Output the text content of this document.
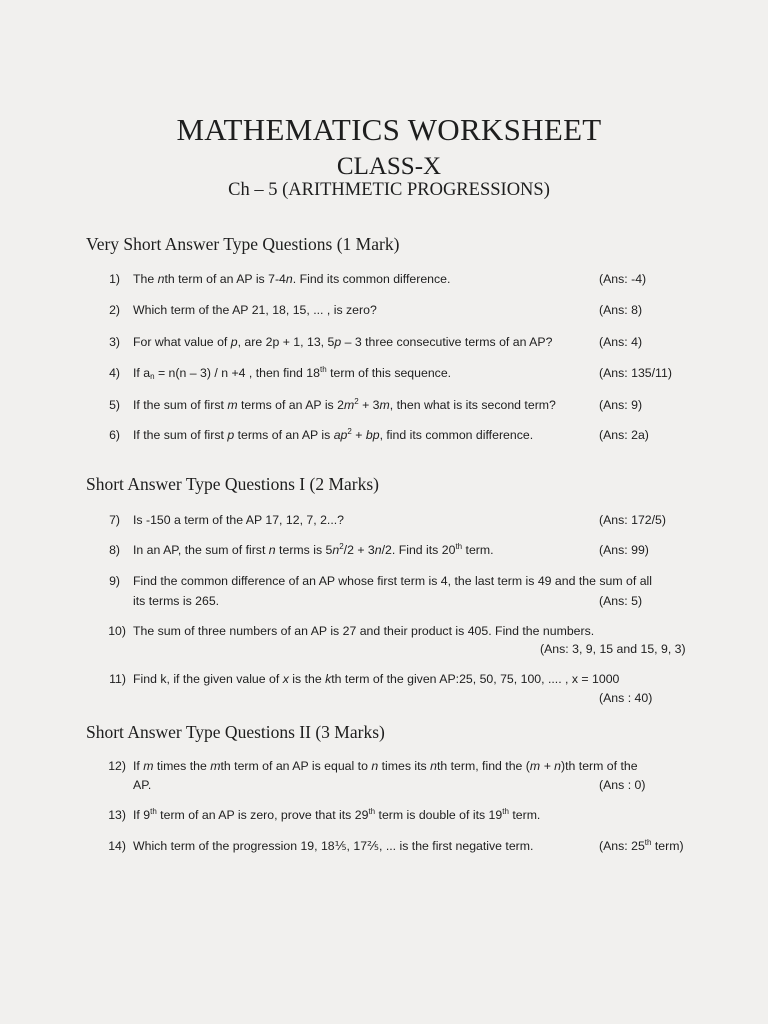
MATHEMATICS WORKSHEET
CLASS-X
Ch – 5 (ARITHMETIC PROGRESSIONS)
Very Short Answer Type Questions (1 Mark)
1) The nth term of an AP is 7-4n. Find its common difference.	(Ans: -4)
2) Which term of the AP 21, 18, 15, ... , is zero?	(Ans: 8)
3) For what value of p, are 2p + 1, 13, 5p – 3 three consecutive terms of an AP?	(Ans: 4)
4) If $a_n = n(n - 3) / n +4$ , then find 18th term of this sequence.	(Ans: 135/11)
5) If the sum of first m terms of an AP is $2m^2 + 3m$, then what is its second term?	(Ans: 9)
6) If the sum of first p terms of an AP is $ap^2$ + bp, find its common difference.	(Ans: 2a)
Short Answer Type Questions I (2 Marks)
7) Is -150 a term of the AP 17, 12, 7, 2...?	(Ans: 172/5)
8) In an AP, the sum of first n terms is $5n^2/2 + 3n/2$. Find its 20th term.	(Ans: 99)
9) Find the common difference of an AP whose first term is 4, the last term is 49 and the sum of all
its terms is 265.	(Ans: 5)
10) The sum of three numbers of an AP is 27 and their product is 405. Find the numbers.
(Ans: 3, 9, 15 and 15, 9, 3)
11) Find k, if the given value of x is the kth term of the given AP:25, 50, 75, 100, .... , x = 1000
(Ans : 40)
Short Answer Type Questions II (3 Marks)
12) If m times the mth term of an AP is equal to n times its nth term, find the (m + n)th term of the
AP.	(Ans : 0)
13) If 9th term of an AP is zero, prove that its 29th term is double of its 19th term.
14) Which term of the progression 19, 18⅕, 17⅖, ... is the first negative term.	(Ans: 25th term)
